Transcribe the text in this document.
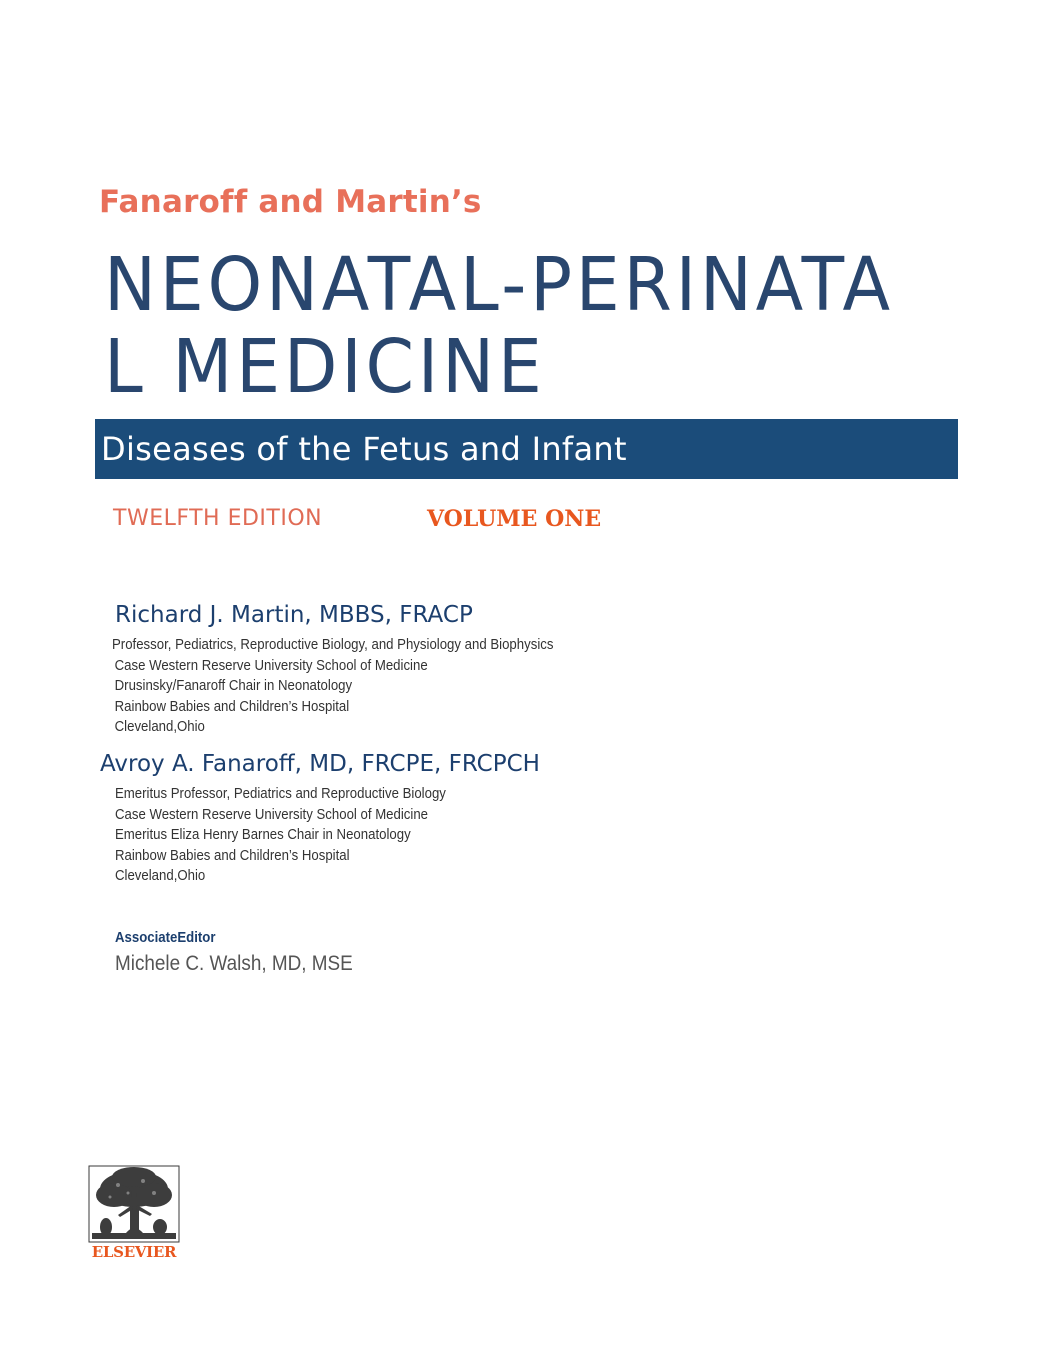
Fanaroff and Martin’s
NEONATAL-PERINATA
L MEDICINE
Diseases of the Fetus and Infant
TWELFTH EDITION	VOLUME ONE
Richard J. Martin, MBBS, FRACP
Professor, Pediatrics, Reproductive Biology, and Physiology and Biophysics
Case Western Reserve University School of Medicine
Drusinsky/Fanaroff Chair in Neonatology
Rainbow Babies and Children’s Hospital
Cleveland,Ohio
Avroy A. Fanaroff, MD, FRCPE, FRCPCH
Emeritus Professor, Pediatrics and Reproductive Biology
Case Western Reserve University School of Medicine
Emeritus Eliza Henry Barnes Chair in Neonatology
Rainbow Babies and Children’s Hospital
Cleveland,Ohio
AssociateEditor
Michele C. Walsh, MD, MSE
ELSEVIER
